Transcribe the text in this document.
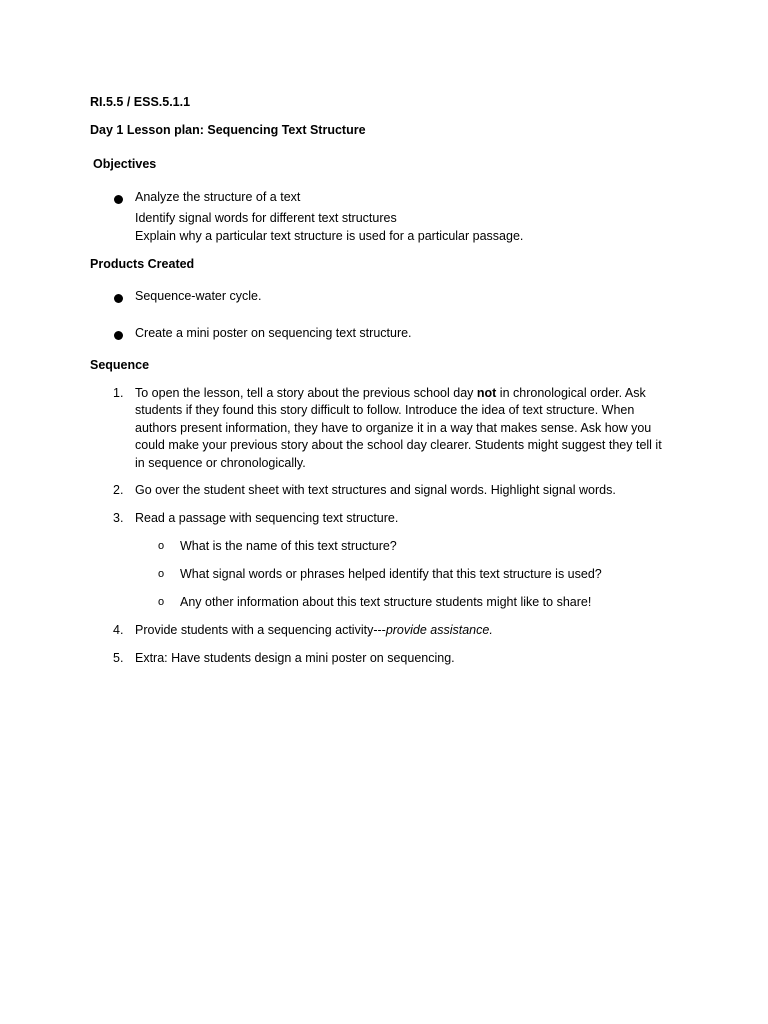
RI.5.5 / ESS.5.1.1
Day 1 Lesson plan: Sequencing Text Structure
Objectives
Analyze the structure of a text
Identify signal words for different text structures
Explain why a particular text structure is used for a particular passage.
Products Created
Sequence-water cycle.
Create a mini poster on sequencing text structure.
Sequence
1. To open the lesson, tell a story about the previous school day not in chronological order. Ask
students if they found this story difficult to follow. Introduce the idea of text structure. When
authors present information, they have to organize it in a way that makes sense. Ask how you
could make your previous story about the school day clearer. Students might suggest they tell it
in sequence or chronologically.
2. Go over the student sheet with text structures and signal words. Highlight signal words.
3. Read a passage with sequencing text structure.
o What is the name of this text structure?
o What signal words or phrases helped identify that this text structure is used?
o Any other information about this text structure students might like to share!
4. Provide students with a sequencing activity---provide assistance.
5. Extra: Have students design a mini poster on sequencing.
